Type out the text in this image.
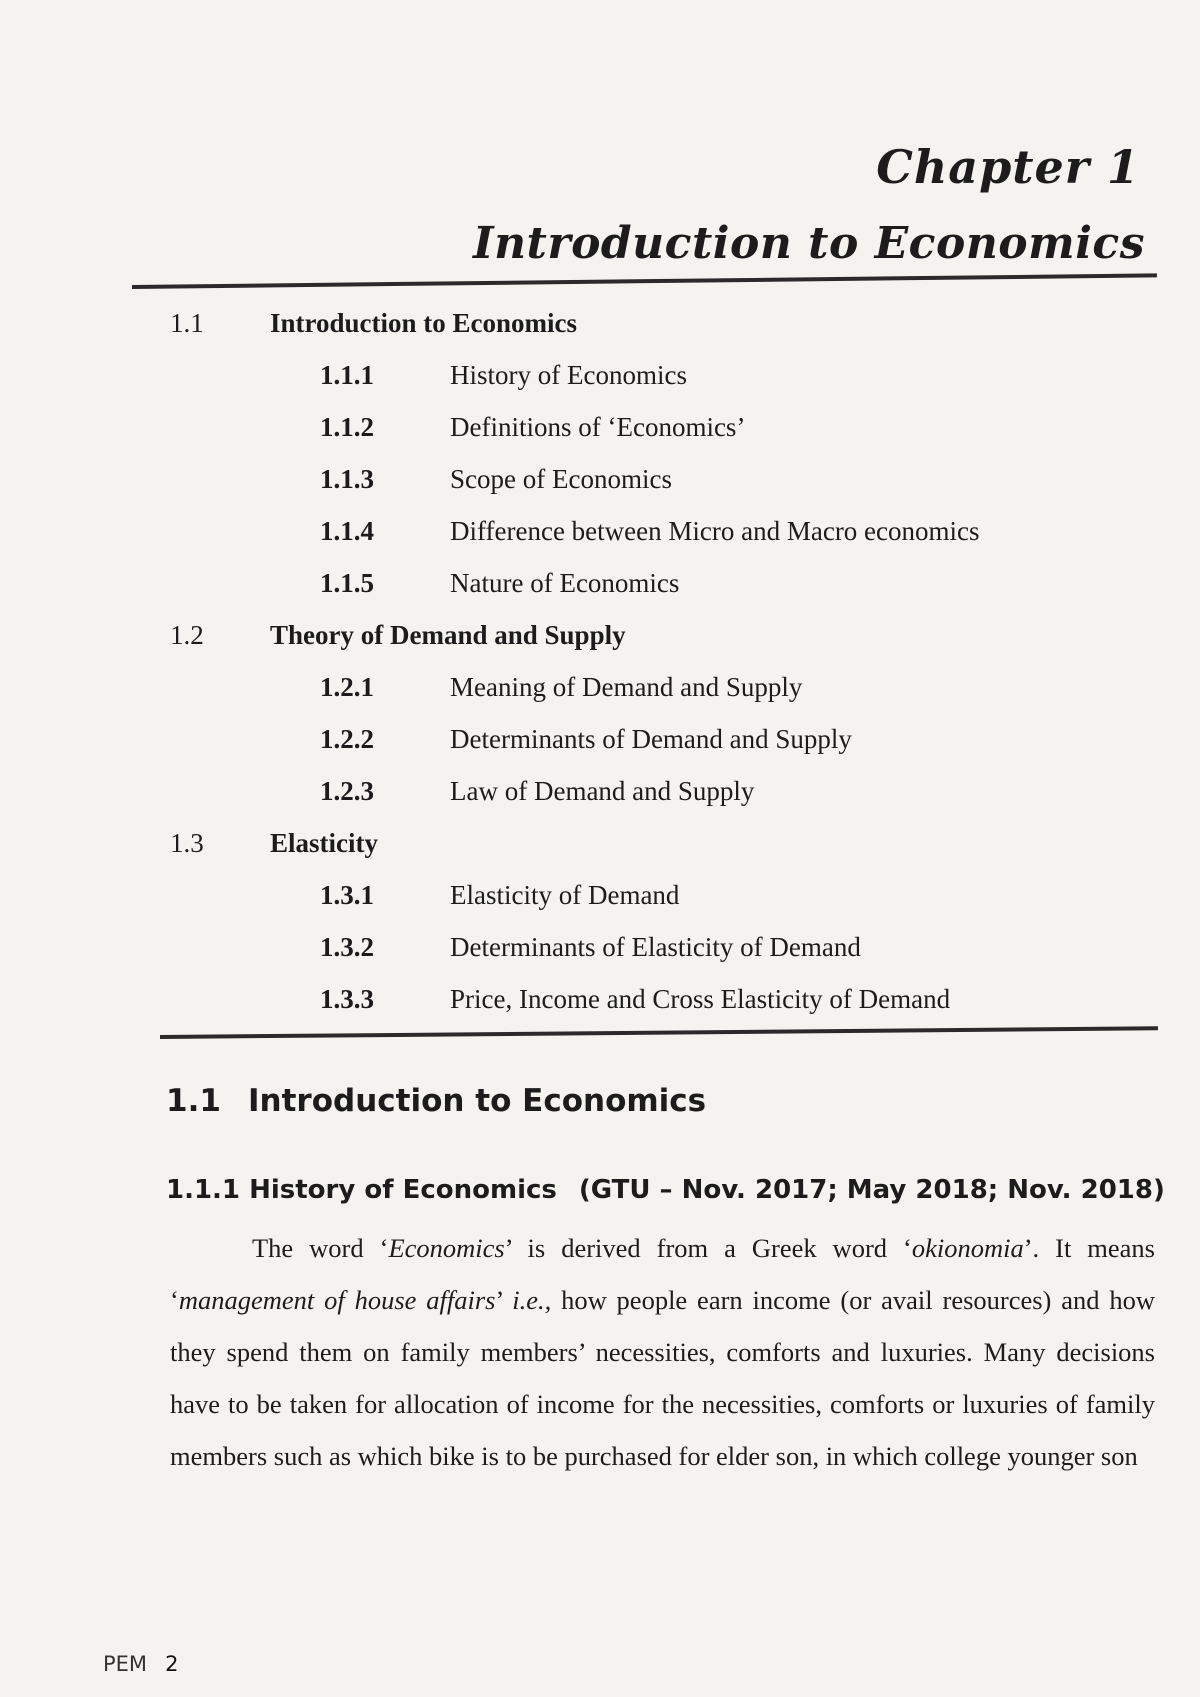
Chapter 1
Introduction to Economics
1.1 Introduction to Economics
1.1.1	History of Economics
1.1.2	Definitions of ‘Economics’
1.1.3	Scope of Economics
1.1.4	Difference between Micro and Macro economics
1.1.5	Nature of Economics
1.2 Theory of Demand and Supply
1.2.1	Meaning of Demand and Supply
1.2.2	Determinants of Demand and Supply
1.2.3	Law of Demand and Supply
1.3 Elasticity
1.3.1	Elasticity of Demand
1.3.2	Determinants of Elasticity of Demand
1.3.3	Price, Income and Cross Elasticity of Demand
1.1 Introduction to Economics
1.1.1 History of Economics (GTU – Nov. 2017; May 2018; Nov. 2018)
The word ‘Economics’ is derived from a Greek word ‘okionomia’. It means ‘management of house affairs’ i.e., how people earn income (or avail resources) and how they spend them on family members’ necessities, comforts and luxuries. Many decisions have to be taken for allocation of income for the necessities, comforts or luxuries of family members such as which bike is to be purchased for elder son, in which college younger son
PEM 2
